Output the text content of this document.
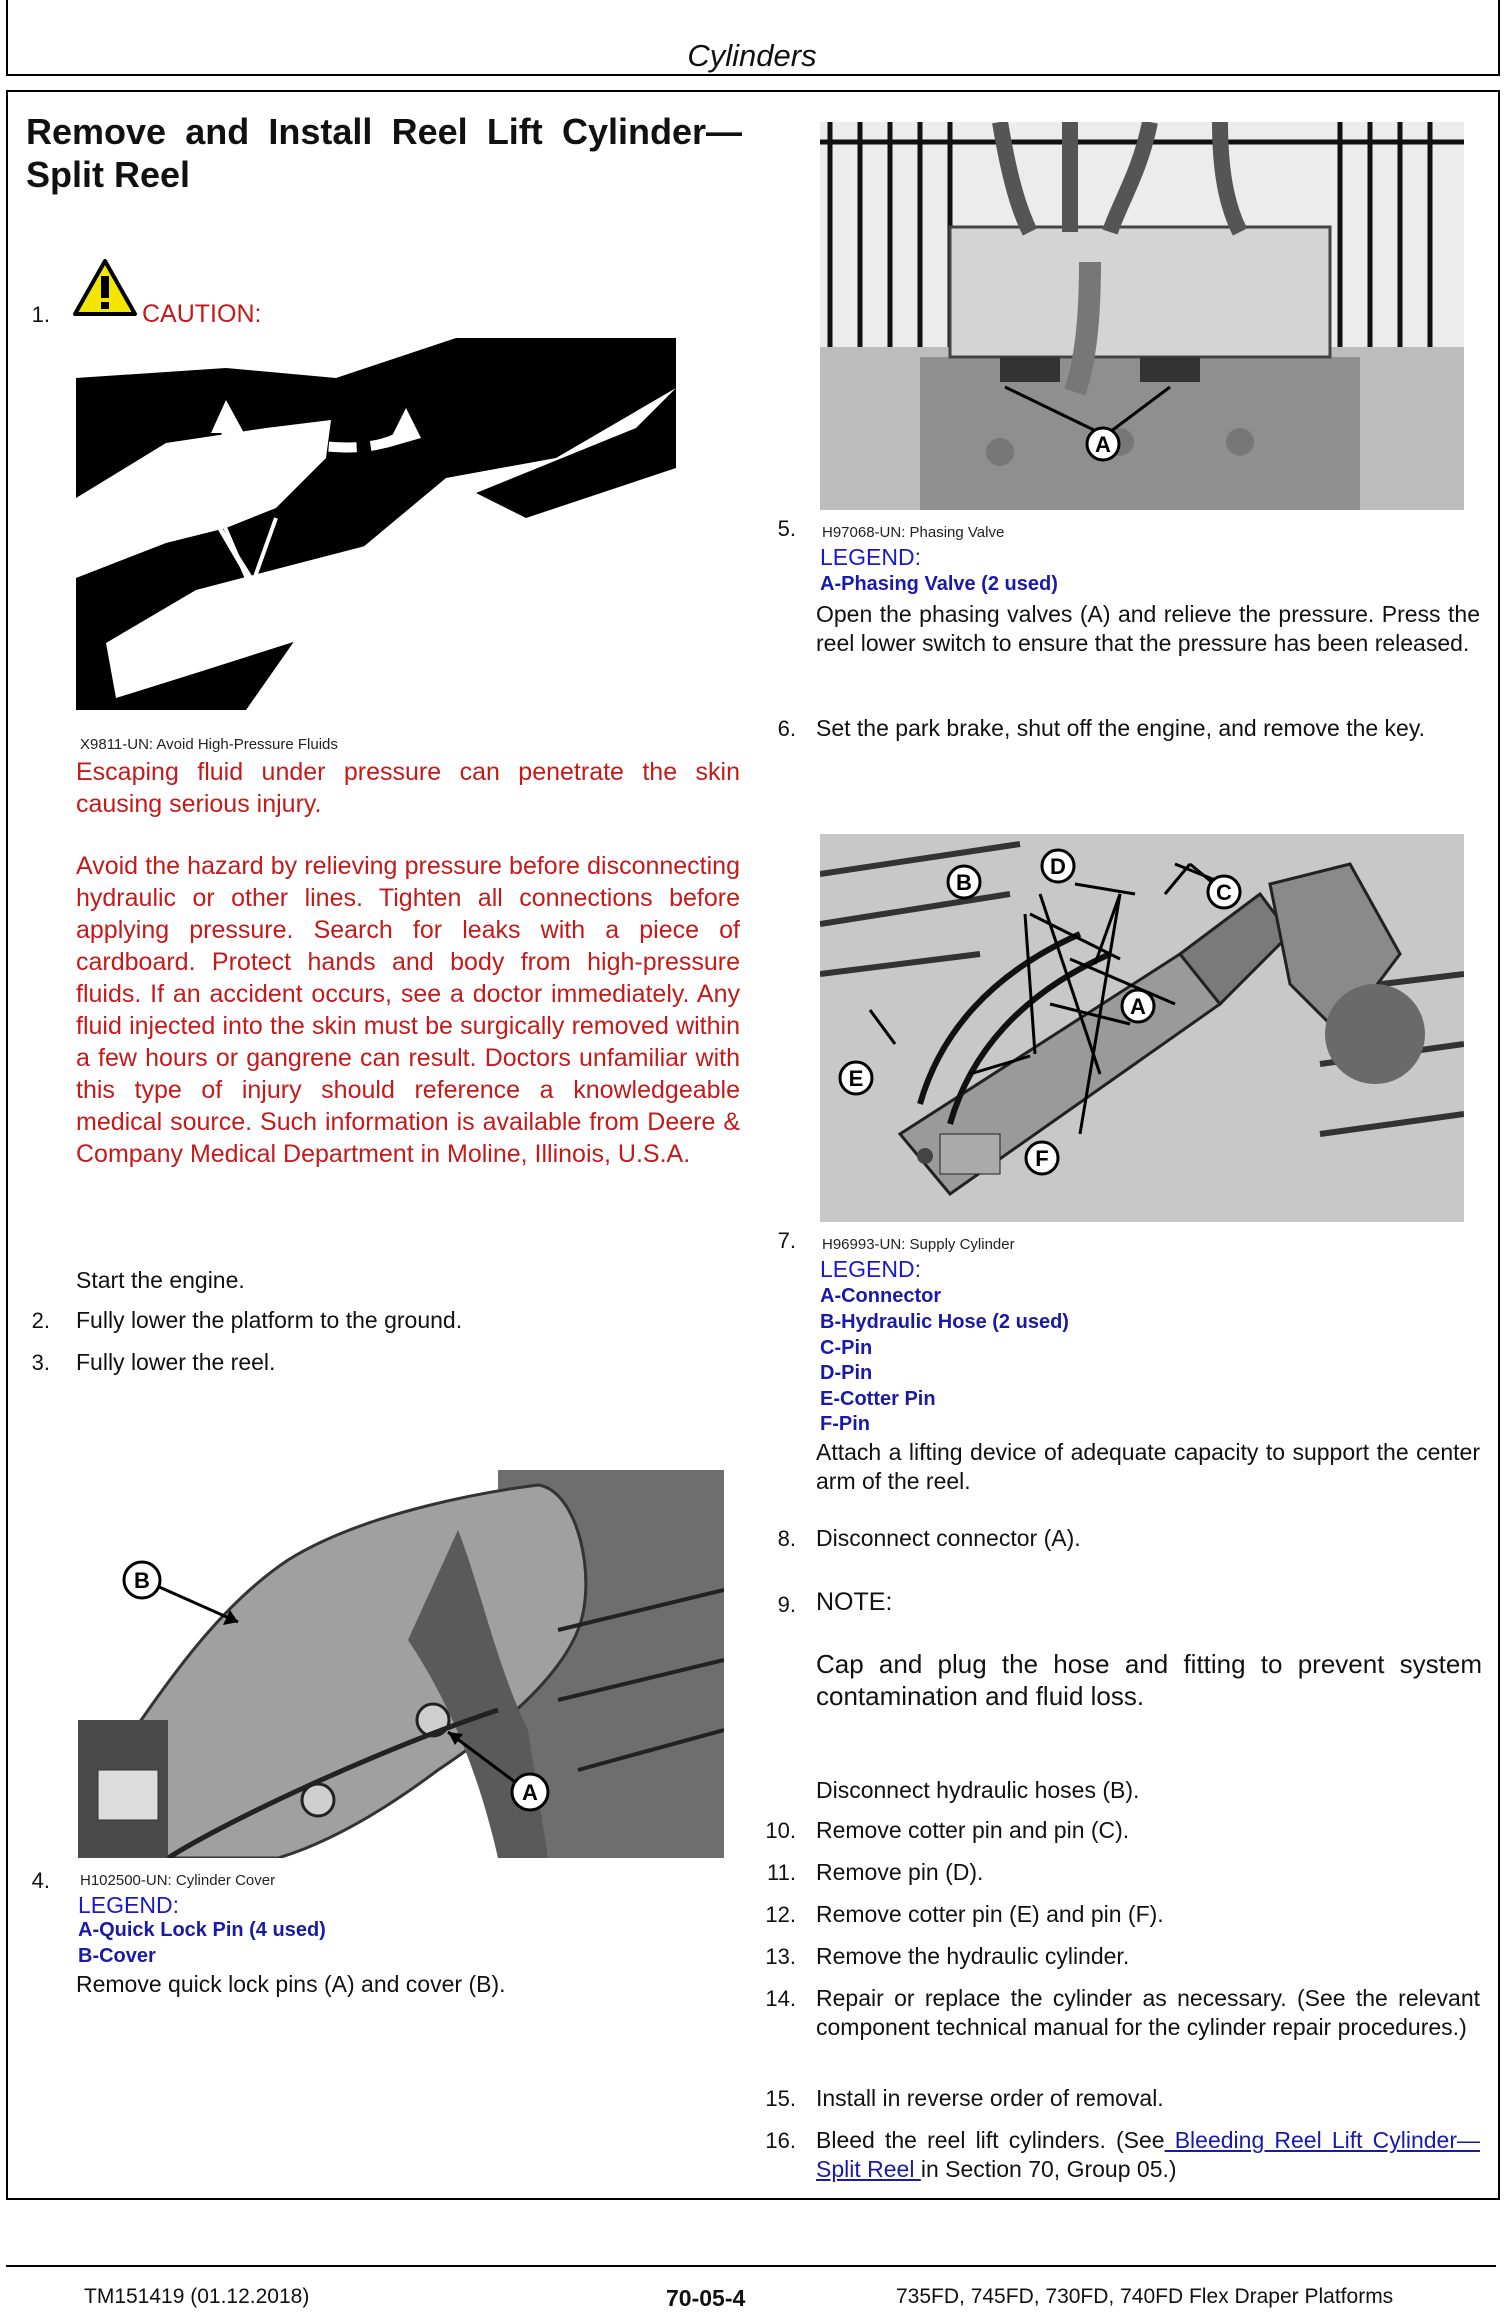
Cylinders
Remove and Install Reel Lift Cylinder—Split Reel
1.	CAUTION:
X9811-UN: Avoid High-Pressure Fluids
Escaping fluid under pressure can penetrate the skin causing serious injury.
Avoid the hazard by relieving pressure before disconnecting hydraulic or other lines. Tighten all connections before applying pressure. Search for leaks with a piece of cardboard. Protect hands and body from high-pressure fluids. If an accident occurs, see a doctor immediately. Any fluid injected into the skin must be surgically removed within a few hours or gangrene can result. Doctors unfamiliar with this type of injury should reference a knowledgeable medical source. Such information is available from Deere & Company Medical Department in Moline, Illinois, U.S.A.
Start the engine.
2. Fully lower the platform to the ground.
3. Fully lower the reel.
B
A
4. H102500-UN: Cylinder Cover
LEGEND:
A-Quick Lock Pin (4 used)
B-Cover
Remove quick lock pins (A) and cover (B).
A
5. H97068-UN: Phasing Valve
LEGEND:
A-Phasing Valve (2 used)
Open the phasing valves (A) and relieve the pressure. Press the reel lower switch to ensure that the pressure has been released.
6. Set the park brake, shut off the engine, and remove the key.
B
D
C
A
E
F
7. H96993-UN: Supply Cylinder
LEGEND:
A-Connector
B-Hydraulic Hose (2 used)
C-Pin
D-Pin
E-Cotter Pin
F-Pin
Attach a lifting device of adequate capacity to support the center arm of the reel.
8. Disconnect connector (A).
9. NOTE:
Cap and plug the hose and fitting to prevent system contamination and fluid loss.
Disconnect hydraulic hoses (B).
10. Remove cotter pin and pin (C).
11. Remove pin (D).
12. Remove cotter pin (E) and pin (F).
13. Remove the hydraulic cylinder.
14. Repair or replace the cylinder as necessary. (See the relevant component technical manual for the cylinder repair procedures.)
15. Install in reverse order of removal.
16. Bleed the reel lift cylinders. (See Bleeding Reel Lift Cylinder—Split Reel in Section 70, Group 05.)
TM151419 (01.12.2018)	70-05-4	735FD, 745FD, 730FD, 740FD Flex Draper Platforms
